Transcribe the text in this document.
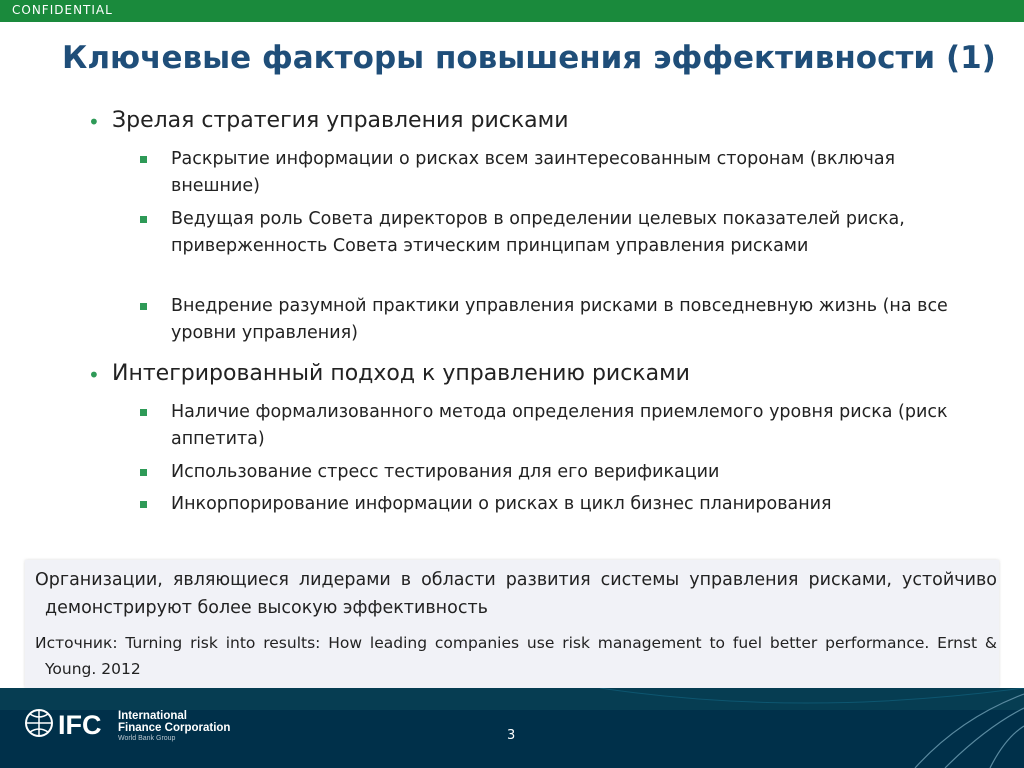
CONFIDENTIAL
Ключевые факторы повышения эффективности (1)
• Зрелая стратегия управления рисками
Раскрытие информации о рисках всем заинтересованным сторонам (включая внешние)
Ведущая роль Совета директоров в определении целевых показателей риска, приверженность Совета этическим принципам управления рисками
Внедрение разумной практики управления рисками в повседневную жизнь (на все уровни управления)
• Интегрированный подход к управлению рисками
Наличие формализованного метода определения приемлемого уровня риска (риск аппетита)
Использование стресс тестирования для его верификации
Инкорпорирование информации о рисках в цикл бизнес планирования
Организации, являющиеся лидерами в области развития системы управления рисками, устойчиво демонстрируют более высокую эффективность
Источник: Turning risk into results: How leading companies use risk management to fuel better performance. Ernst & Young. 2012
IFC International
Finance Corporation
World Bank Group	3
